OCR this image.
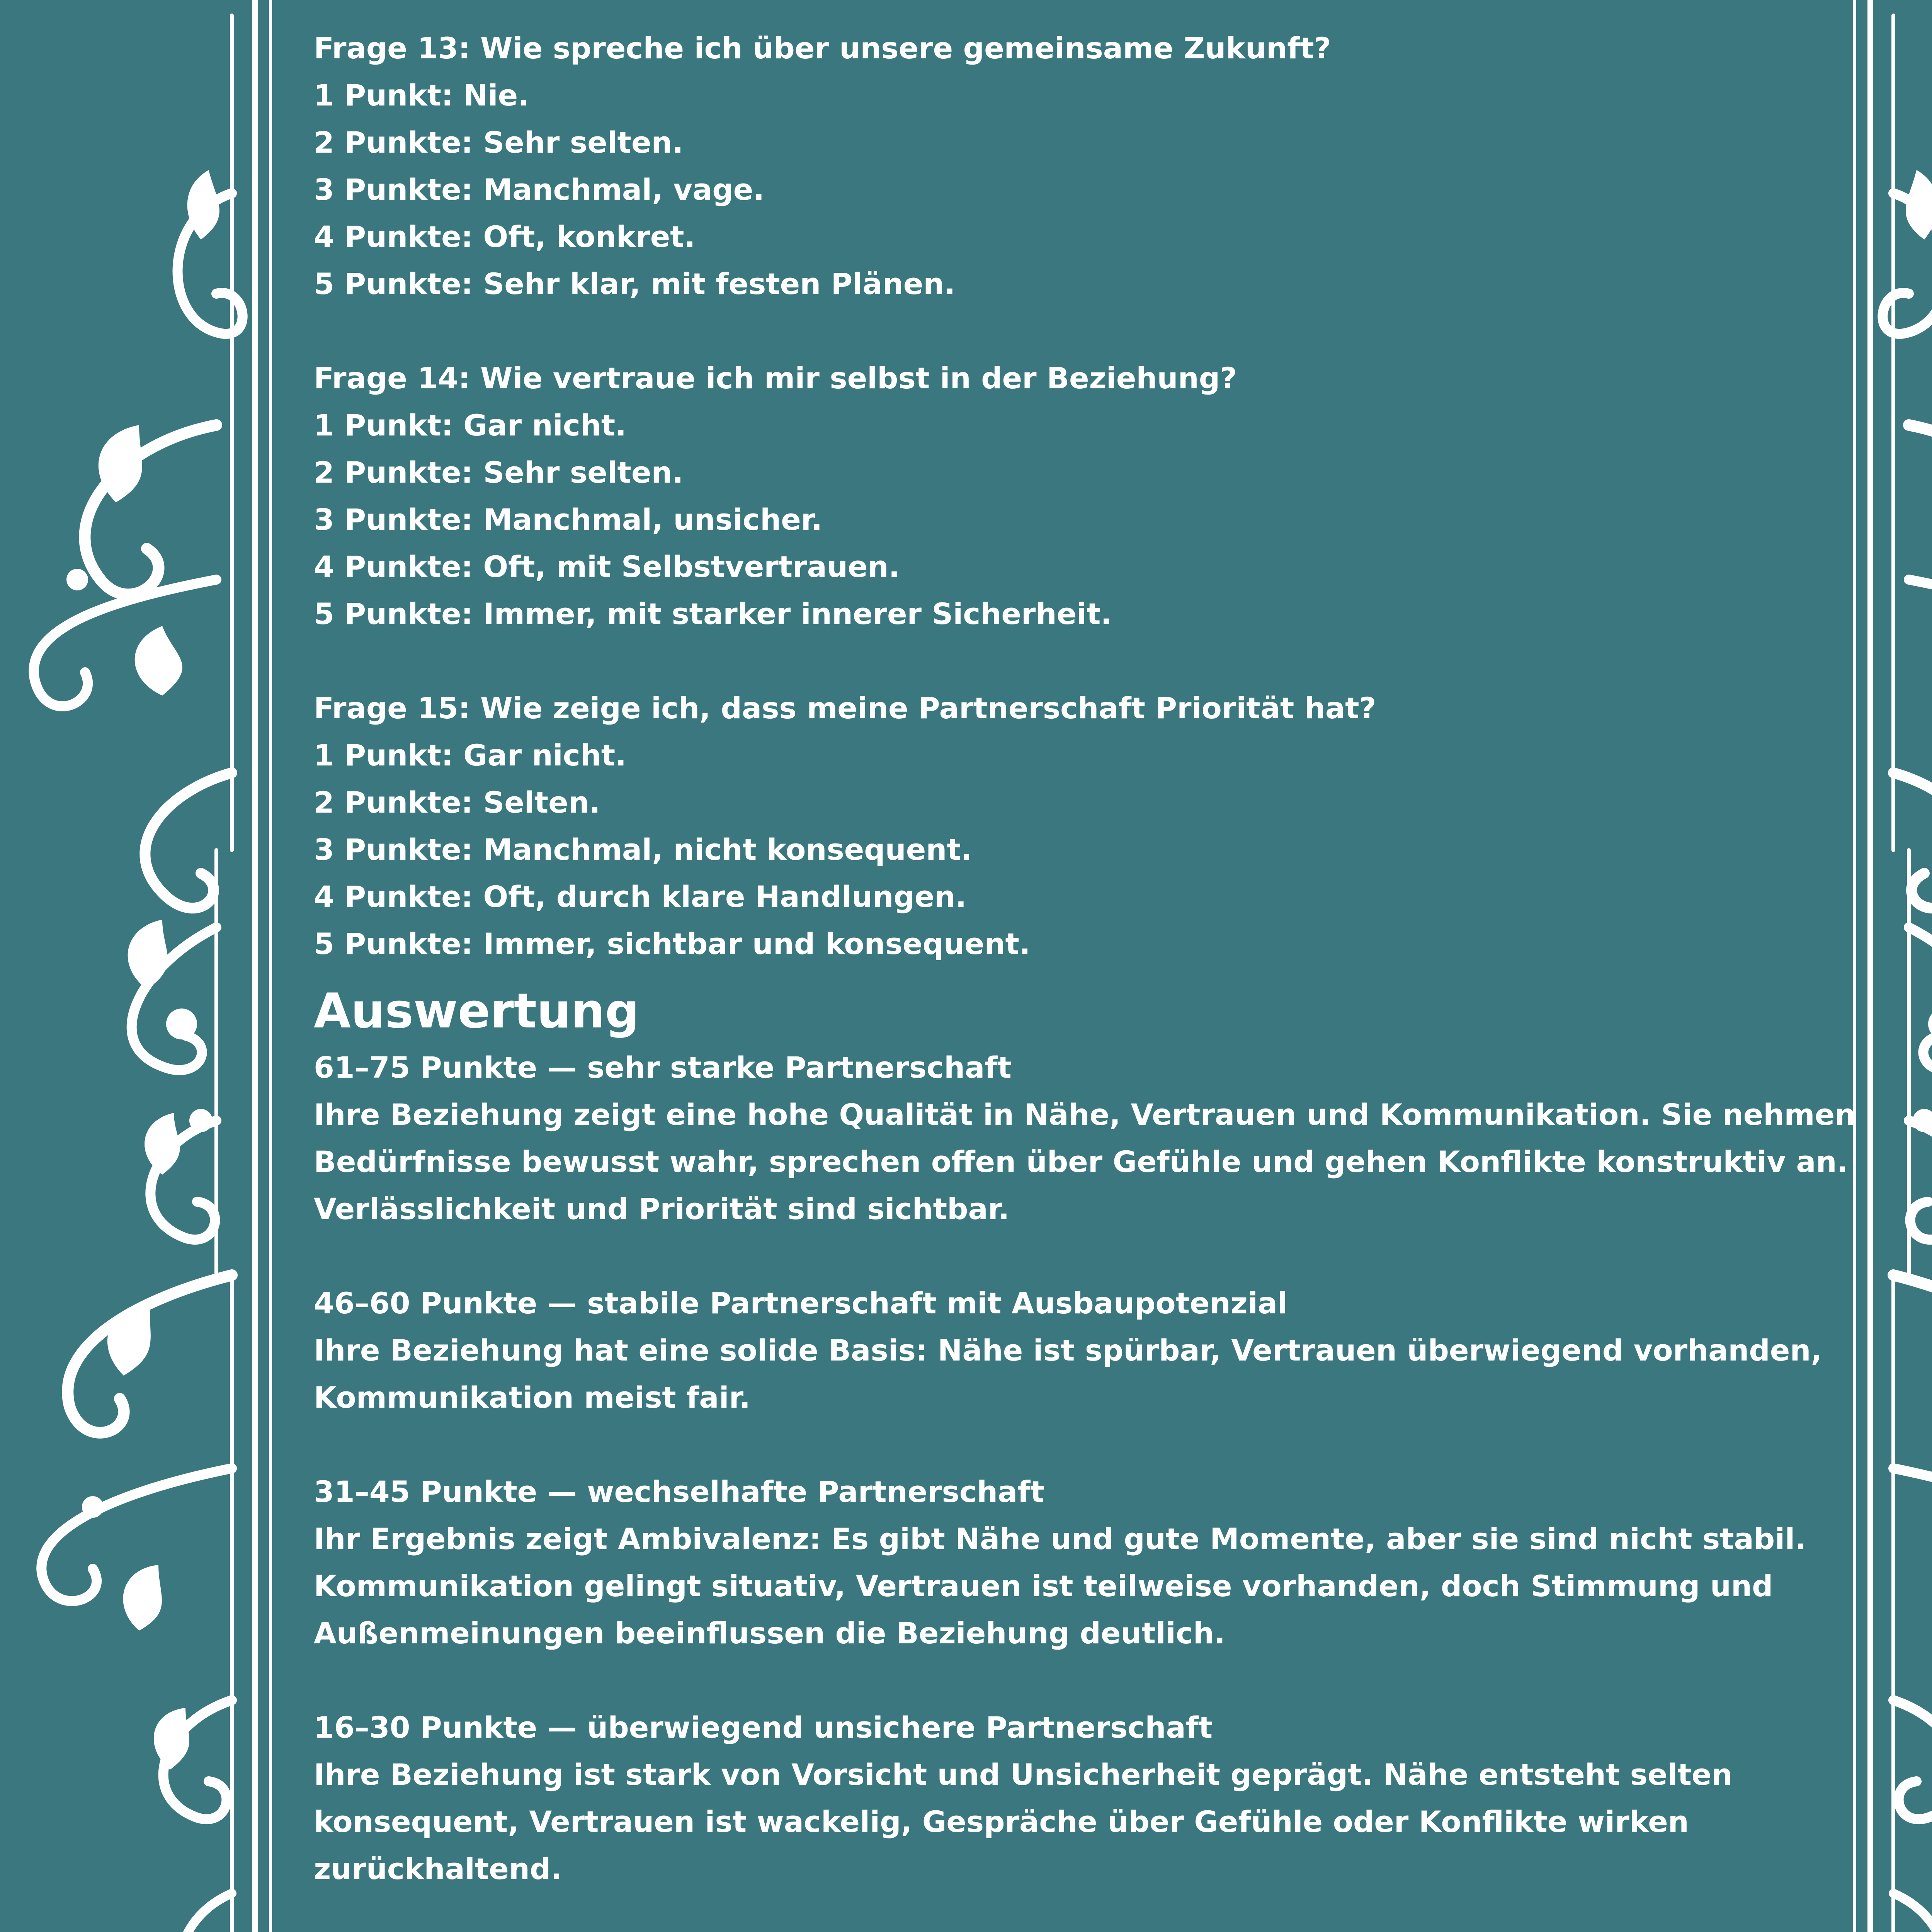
Frage 13: Wie spreche ich über unsere gemeinsame Zukunft?
1 Punkt: Nie.
2 Punkte: Sehr selten.
3 Punkte: Manchmal, vage.
4 Punkte: Oft, konkret.
5 Punkte: Sehr klar, mit festen Plänen.
Frage 14: Wie vertraue ich mir selbst in der Beziehung?
1 Punkt: Gar nicht.
2 Punkte: Sehr selten.
3 Punkte: Manchmal, unsicher.
4 Punkte: Oft, mit Selbstvertrauen.
5 Punkte: Immer, mit starker innerer Sicherheit.
Frage 15: Wie zeige ich, dass meine Partnerschaft Priorität hat?
1 Punkt: Gar nicht.
2 Punkte: Selten.
3 Punkte: Manchmal, nicht konsequent.
4 Punkte: Oft, durch klare Handlungen.
5 Punkte: Immer, sichtbar und konsequent.
Auswertung
61–75 Punkte — sehr starke Partnerschaft
Ihre Beziehung zeigt eine hohe Qualität in Nähe, Vertrauen und Kommunikation. Sie nehmen Bedürfnisse bewusst wahr, sprechen offen über Gefühle und gehen Konflikte konstruktiv an. Verlässlichkeit und Priorität sind sichtbar.
46–60 Punkte — stabile Partnerschaft mit Ausbaupotenzial
Ihre Beziehung hat eine solide Basis: Nähe ist spürbar, Vertrauen überwiegend vorhanden, Kommunikation meist fair.
31–45 Punkte — wechselhafte Partnerschaft
Ihr Ergebnis zeigt Ambivalenz: Es gibt Nähe und gute Momente, aber sie sind nicht stabil. Kommunikation gelingt situativ, Vertrauen ist teilweise vorhanden, doch Stimmung und Außenmeinungen beeinflussen die Beziehung deutlich.
16–30 Punkte — überwiegend unsichere Partnerschaft
Ihre Beziehung ist stark von Vorsicht und Unsicherheit geprägt. Nähe entsteht selten konsequent, Vertrauen ist wackelig, Gespräche über Gefühle oder Konflikte wirken zurückhaltend.
